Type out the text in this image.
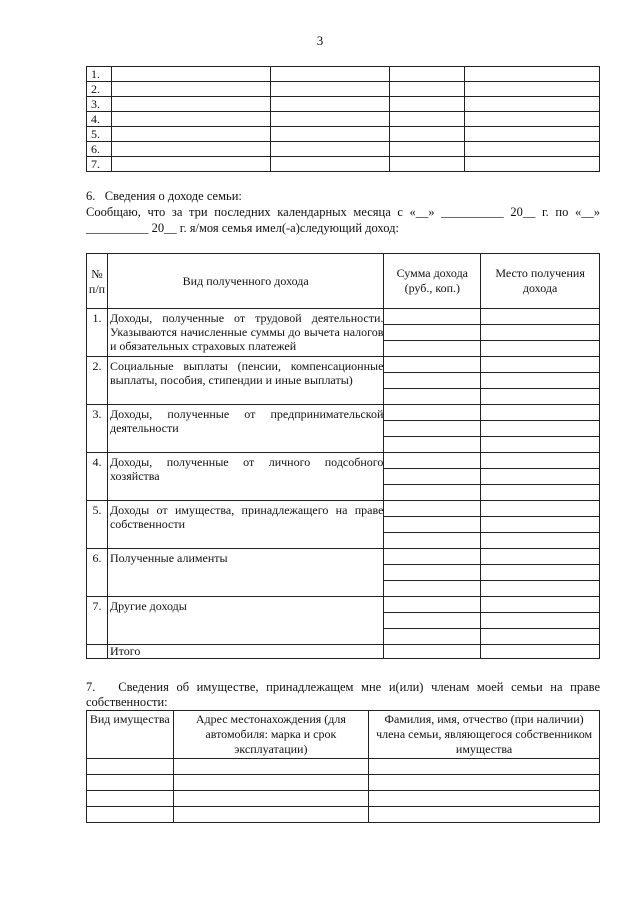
3
1.				
2.				
3.				
4.				
5.				
6.				
7.				
6.   Сведения о доходе семьи:
Сообщаю, что за три последних календарных месяца с «__» __________ 20__ г. по «__»
__________ 20__ г. я/моя семья имел(-а)следующий доход:
№ п/п	Вид полученного дохода	Сумма дохода (руб., коп.)	Место получения дохода
1.	Доходы, полученные от трудовой деятельности. Указываются начисленные суммы до вычета налогов и обязательных страховых платежей		

2.	Социальные выплаты (пенсии, компенсационные выплаты, пособия, стипендии и иные выплаты)		

3.	Доходы, полученные от предпринимательской деятельности		

4.	Доходы, полученные от личного подсобного хозяйства		

5.	Доходы от имущества, принадлежащего на праве собственности		

6.	Полученные алименты		

7.	Другие доходы		

	Итого		
7.   Сведения об имуществе, принадлежащем мне и(или) членам моей семьи на праве
собственности:
Вид имущества	Адрес местонахождения (для автомобиля: марка и срок эксплуатации)	Фамилия, имя, отчество (при наличии) члена семьи, являющегося собственником имущества
